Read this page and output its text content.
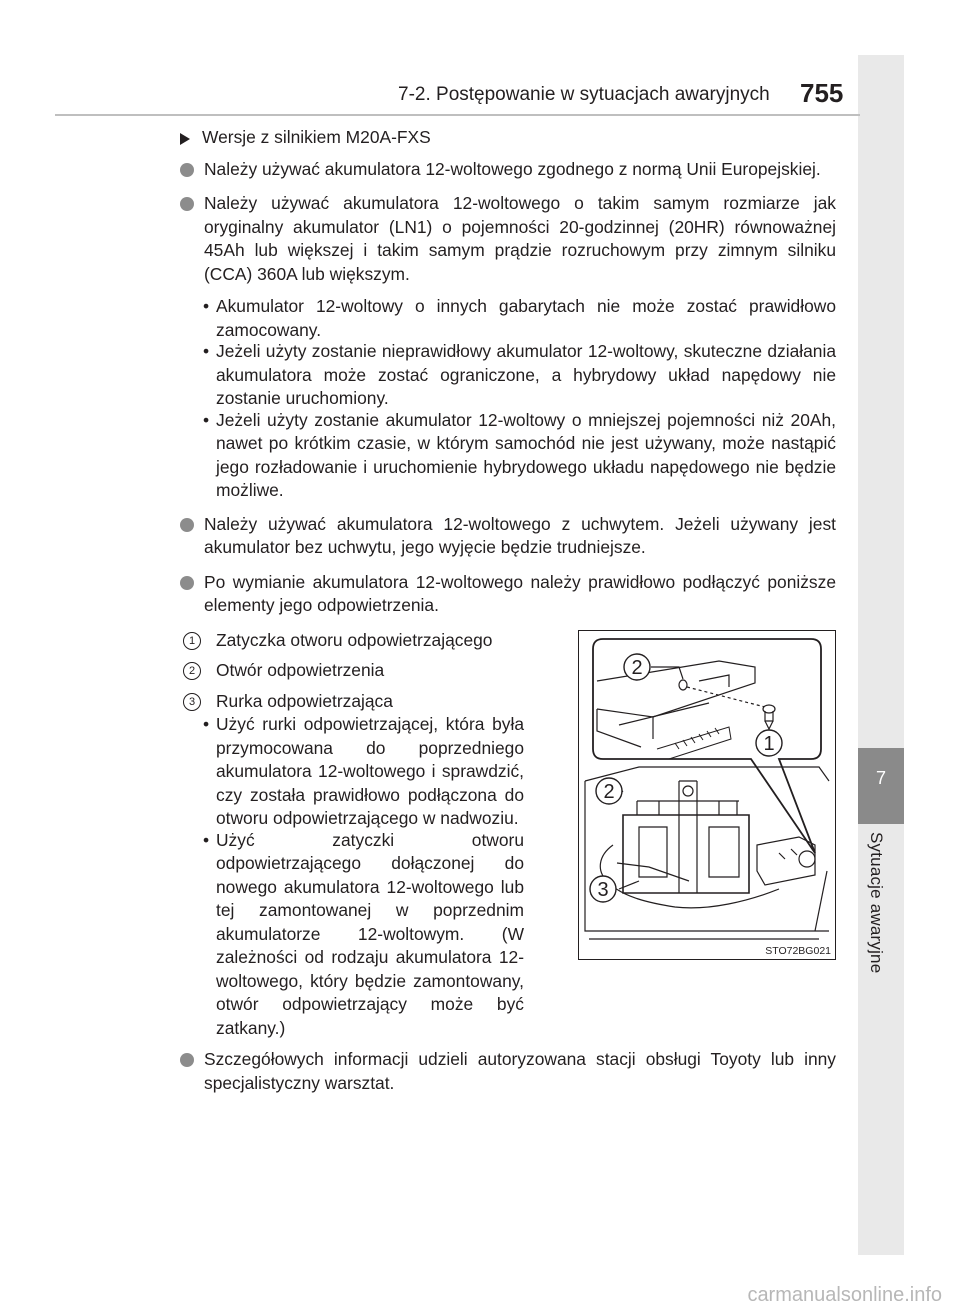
7
Sytuacje awaryjne
7-2. Postępowanie w sytuacjach awaryjnych 755

Wersje z silnikiem M20A-FXS

Należy używać akumulatora 12-woltowego zgodnego z normą Unii Europejskiej.

Należy używać akumulatora 12-woltowego o takim samym rozmiarze jak oryginalny akumulator (LN1) o pojemności 20-godzinnej (20HR) równoważnej 45Ah lub większej i takim samym prądzie rozruchowym przy zimnym silniku (CCA) 360A lub większym.

• Akumulator 12-woltowy o innych gabarytach nie może zostać prawidłowo zamocowany.

• Jeżeli użyty zostanie nieprawidłowy akumulator 12-woltowy, skuteczne działania akumulatora może zostać ograniczone, a hybrydowy układ napędowy nie zostanie uruchomiony.

• Jeżeli użyty zostanie akumulator 12-woltowy o mniejszej pojemności niż 20Ah, nawet po krótkim czasie, w którym samochód nie jest używany, może nastąpić jego rozładowanie i uruchomienie hybrydowego układu napędowego nie będzie możliwe.

Należy używać akumulatora 12-woltowego z uchwytem. Jeżeli używany jest akumulator bez uchwytu, jego wyjęcie będzie trudniejsze.

Po wymianie akumulatora 12-woltowego należy prawidłowo podłączyć poniższe elementy jego odpowietrzenia.

1	Zatyczka otworu odpowietrzającego

2	Otwór odpowietrzenia

3	Rurka odpowietrzająca

• Użyć rurki odpowietrzającej, która była przymocowana do poprzedniego akumulatora 12-woltowego i sprawdzić, czy została prawidłowo podłączona do otworu odpowietrzającego w nadwoziu.

• Użyć zatyczki otworu odpowietrzającego dołączonej do nowego akumulatora 12-woltowego lub tej zamontowanej w poprzednim akumulatorze 12-woltowym. (W zależności od rodzaju akumulatora 12-woltowego, który będzie zamontowany, otwór odpowietrzający może być zatkany.)

Szczegółowych informacji udzieli autoryzowana stacji obsługi Toyoty lub inny specjalistyczny warsztat.

2
1
2
3
STO72BG021
carmanualsonline.info
